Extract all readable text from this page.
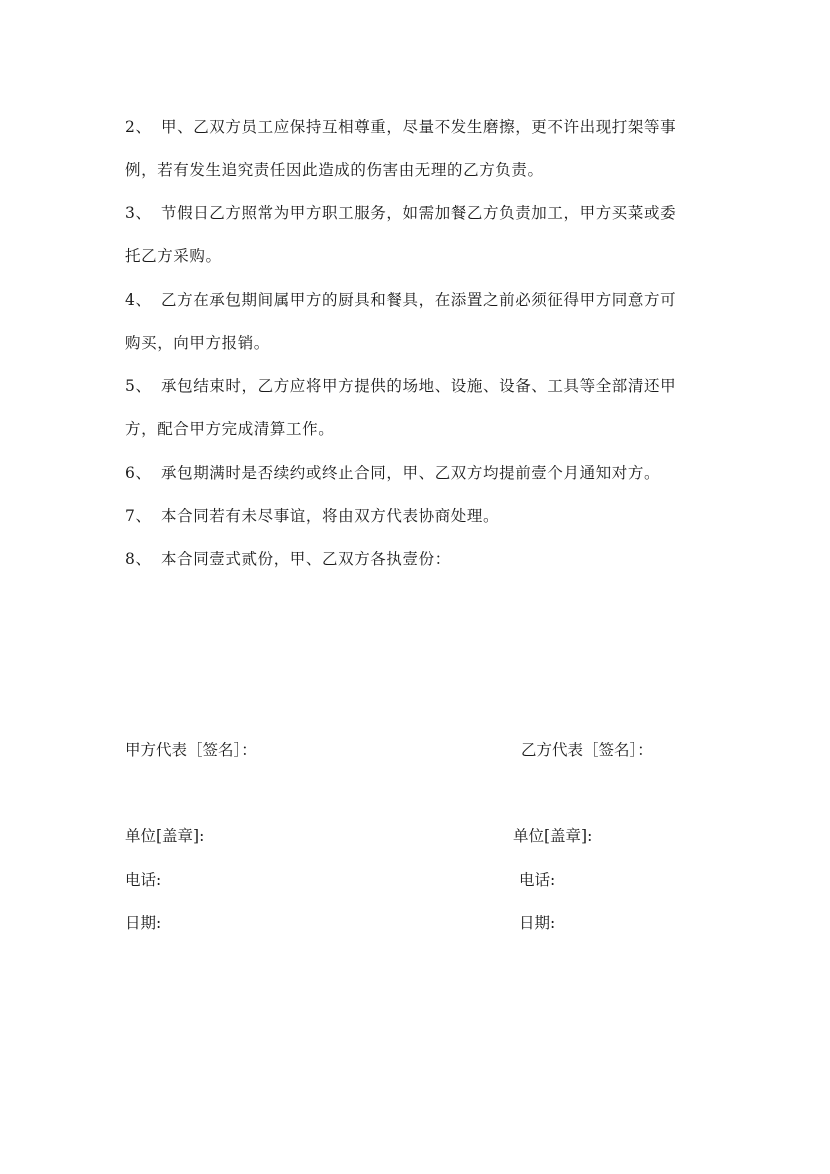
2、 甲、乙双方员工应保持互相尊重，尽量不发生磨擦，更不许出现打架等事
例，若有发生追究责任因此造成的伤害由无理的乙方负责。
3、 节假日乙方照常为甲方职工服务，如需加餐乙方负责加工，甲方买菜或委
托乙方采购。
4、 乙方在承包期间属甲方的厨具和餐具，在添置之前必须征得甲方同意方可
购买，向甲方报销。
5、 承包结束时，乙方应将甲方提供的场地、设施、设备、工具等全部清还甲
方，配合甲方完成清算工作。
6、 承包期满时是否续约或终止合同，甲、乙双方均提前壹个月通知对方。
7、 本合同若有未尽事谊，将由双方代表协商处理。
8、 本合同壹式贰份，甲、乙双方各执壹份：
甲方代表［签名］：	乙方代表［签名］：
单位[盖章]:	单位[盖章]:
电话:	电话:
日期:	日期:
